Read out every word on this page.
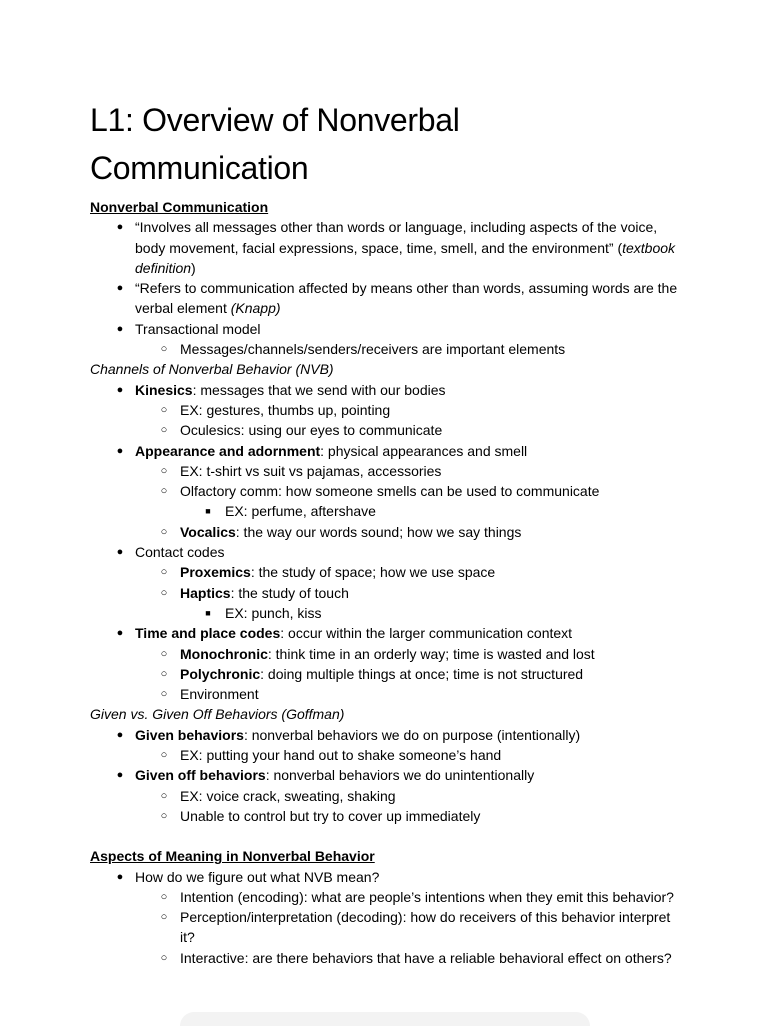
L1: Overview of Nonverbal
Communication
Nonverbal Communication
● “Involves all messages other than words or language, including aspects of the voice,
body movement, facial expressions, space, time, smell, and the environment” (textbook
definition)
● “Refers to communication affected by means other than words, assuming words are the
verbal element (Knapp)
● Transactional model
○ Messages/channels/senders/receivers are important elements
Channels of Nonverbal Behavior (NVB)
● Kinesics: messages that we send with our bodies
○ EX: gestures, thumbs up, pointing
○ Oculesics: using our eyes to communicate
● Appearance and adornment: physical appearances and smell
○ EX: t-shirt vs suit vs pajamas, accessories
○ Olfactory comm: how someone smells can be used to communicate
■	EX: perfume, aftershave
○ Vocalics: the way our words sound; how we say things
● Contact codes
○ Proxemics: the study of space; how we use space
○ Haptics: the study of touch
■	EX: punch, kiss
● Time and place codes: occur within the larger communication context
○ Monochronic: think time in an orderly way; time is wasted and lost
○ Polychronic: doing multiple things at once; time is not structured
○ Environment
Given vs. Given Off Behaviors (Goffman)
● Given behaviors: nonverbal behaviors we do on purpose (intentionally)
○ EX: putting your hand out to shake someone’s hand
● Given off behaviors: nonverbal behaviors we do unintentionally
○ EX: voice crack, sweating, shaking
○ Unable to control but try to cover up immediately
Aspects of Meaning in Nonverbal Behavior
● How do we figure out what NVB mean?
○ Intention (encoding): what are people’s intentions when they emit this behavior?
○ Perception/interpretation (decoding): how do receivers of this behavior interpret
it?
○ Interactive: are there behaviors that have a reliable behavioral effect on others?
